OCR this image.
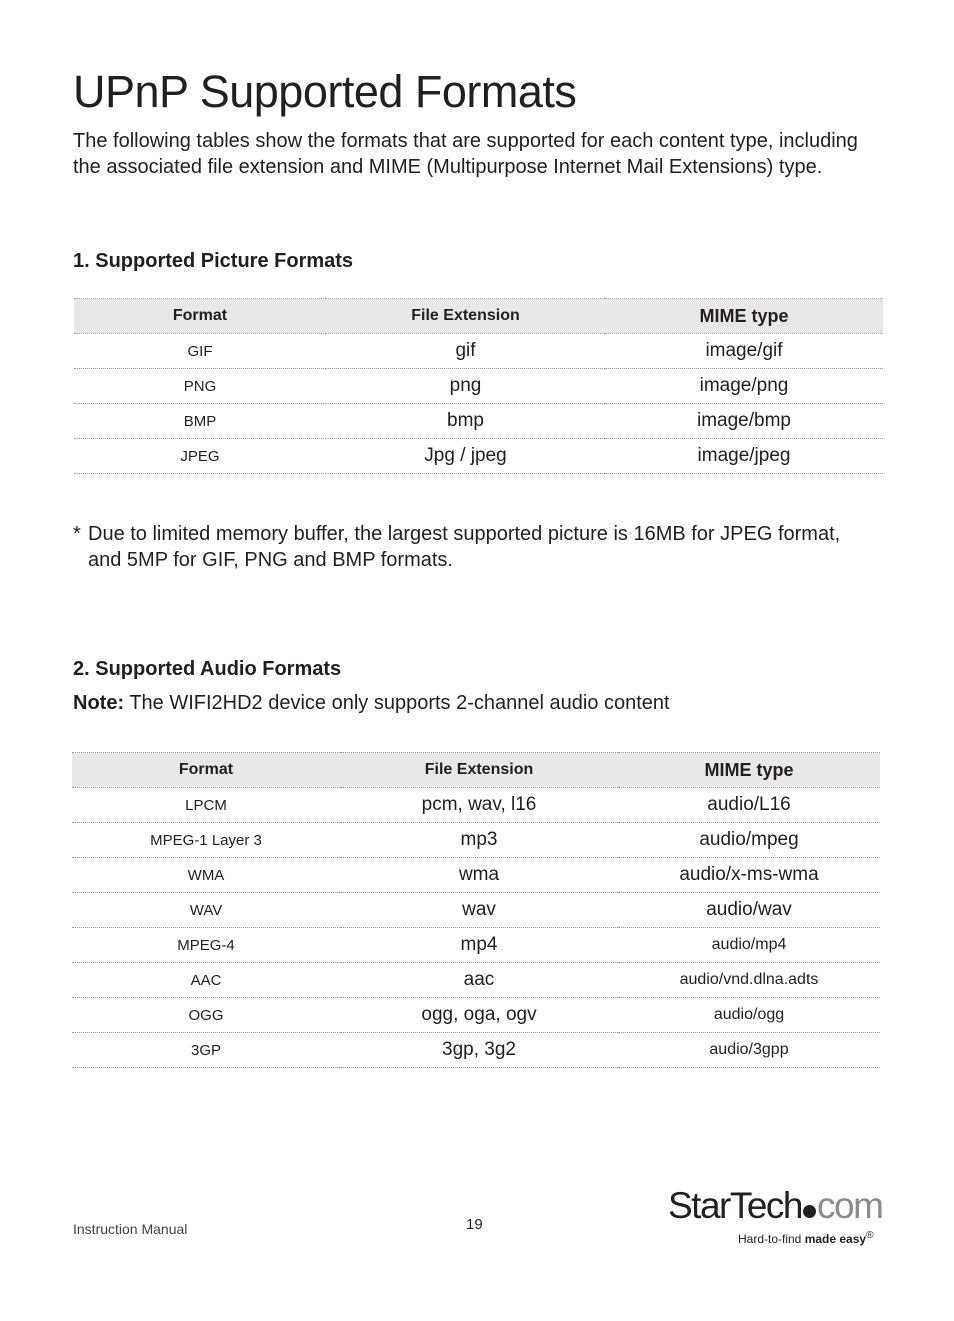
UPnP Supported Formats

The following tables show the formats that are supported for each content type, including the associated file extension and MIME (Multipurpose Internet Mail Extensions) type.

1. Supported Picture Formats
Format	File Extension	MIME type
GIF	gif	image/gif
PNG	png	image/png
BMP	bmp	image/bmp
JPEG	Jpg / jpeg	image/jpeg

* Due to limited memory buffer, the largest supported picture is 16MB for JPEG format, and 5MP for GIF, PNG and BMP formats.

2. Supported Audio Formats

Note: The WIFI2HD2 device only supports 2-channel audio content

Format	File Extension	MIME type
LPCM	pcm, wav, l16	audio/L16
MPEG-1 Layer 3	mp3	audio/mpeg
WMA	wma	audio/x-ms-wma
WAV	wav	audio/wav
MPEG-4	mp4	audio/mp4
AAC	aac	audio/vnd.dlna.adts
OGG	ogg, oga, ogv	audio/ogg
3GP	3gp, 3g2	audio/3gpp
Instruction Manual	19	StarTech com
Hard-to-find made easy®
